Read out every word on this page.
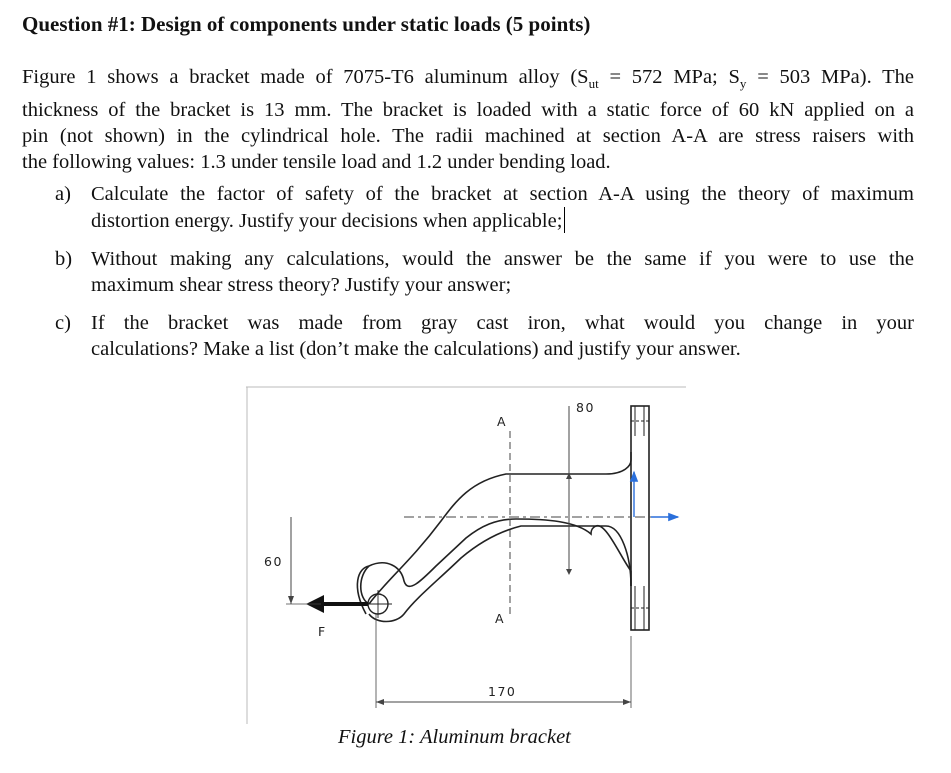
Question #1: Design of components under static loads (5 points)
Figure 1 shows a bracket made of 7075-T6 aluminum alloy ($S_{ut} = 572$ MPa; $S_y = 503$ MPa). The
thickness of the bracket is 13 mm. The bracket is loaded with a static force of 60 kN applied on a
pin (not shown) in the cylindrical hole. The radii machined at section A-A are stress raisers with
the following values: 1.3 under tensile load and 1.2 under bending load.
a) Calculate the factor of safety of the bracket at section A-A using the theory of maximum
distortion energy. Justify your decisions when applicable;
b) Without making any calculations, would the answer be the same if you were to use the
maximum shear stress theory? Justify your answer;
c) If the bracket was made from gray cast iron, what would you change in your
calculations? Make a list (don’t make the calculations) and justify your answer.
80
A
A
F
60
170
Figure 1: Aluminum bracket
